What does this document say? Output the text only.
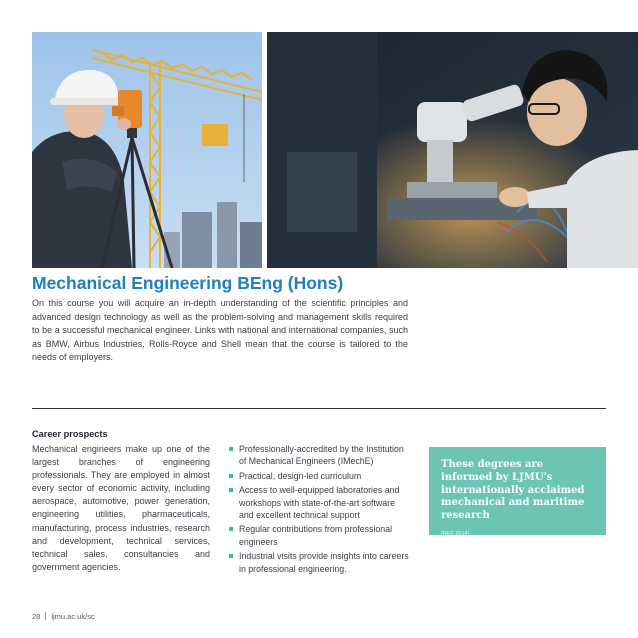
Mechanical Engineering BEng (Hons)
On this course you will acquire an in-depth understanding of the scientific principles and advanced design technology as well as the problem-solving and management skills required to be a successful mechanical engineer. Links with national and international companies, such as BMW, Airbus Industries, Rolls-Royce and Shell mean that the course is tailored to the needs of employers.
Career prospects
Mechanical engineers make up one of the largest branches of engineering professionals. They are employed in almost every sector of economic activity, including aerospace, automotive, power generation, engineering utilities, pharmaceuticals, manufacturing, process industries, research and development, technical services, technical sales, consultancies and government agencies.
Professionally-accredited by the Institution of Mechanical Engineers (IMechE)
Practical, design-led curriculum
Access to well-equipped laboratories and workshops with state-of-the-art software and excellent technical support
Regular contributions from professional engineers
Industrial visits provide insights into careers in professional engineering.
These degrees are informed by LJMU's internationally acclaimed mechanical and maritime research
(REF 2014)
28 ljmu.ac.uk/sc
